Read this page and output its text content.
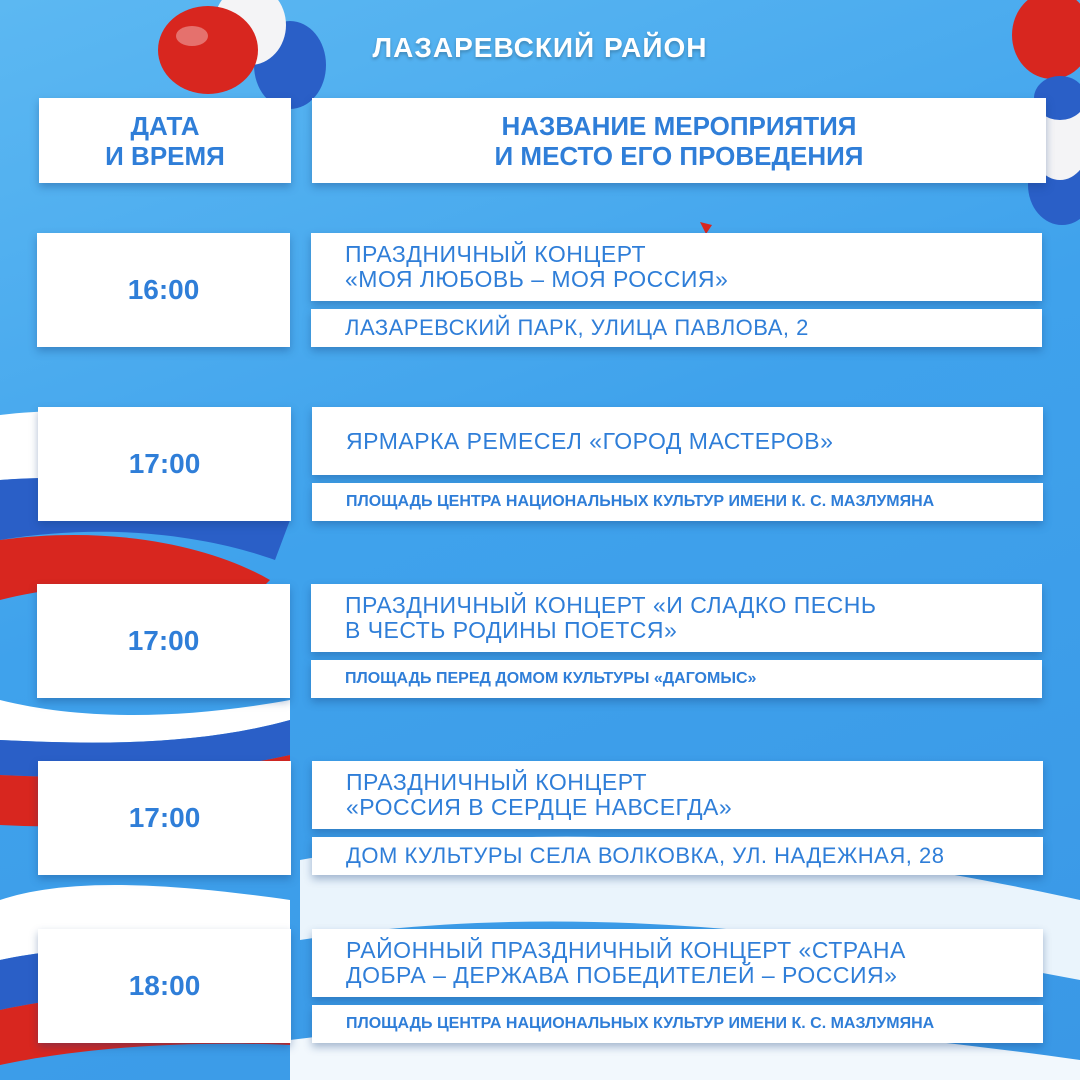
ЛАЗАРЕВСКИЙ РАЙОН
ДАТА
И ВРЕМЯ
НАЗВАНИЕ МЕРОПРИЯТИЯ
И МЕСТО ЕГО ПРОВЕДЕНИЯ
16:00
ПРАЗДНИЧНЫЙ КОНЦЕРТ
«МОЯ ЛЮБОВЬ – МОЯ РОССИЯ»
ЛАЗАРЕВСКИЙ ПАРК, УЛИЦА ПАВЛОВА, 2
17:00
ЯРМАРКА РЕМЕСЕЛ «ГОРОД МАСТЕРОВ»
ПЛОЩАДЬ ЦЕНТРА НАЦИОНАЛЬНЫХ КУЛЬТУР ИМЕНИ К. С. МАЗЛУМЯНА
17:00
ПРАЗДНИЧНЫЙ КОНЦЕРТ «И СЛАДКО ПЕСНЬ
В ЧЕСТЬ РОДИНЫ ПОЕТСЯ»
ПЛОЩАДЬ ПЕРЕД ДОМОМ КУЛЬТУРЫ «ДАГОМЫС»
17:00
ПРАЗДНИЧНЫЙ КОНЦЕРТ
«РОССИЯ В СЕРДЦЕ НАВСЕГДА»
ДОМ КУЛЬТУРЫ СЕЛА ВОЛКОВКА, УЛ. НАДЕЖНАЯ, 28
18:00
РАЙОННЫЙ ПРАЗДНИЧНЫЙ КОНЦЕРТ «СТРАНА
ДОБРА – ДЕРЖАВА ПОБЕДИТЕЛЕЙ – РОССИЯ»
ПЛОЩАДЬ ЦЕНТРА НАЦИОНАЛЬНЫХ КУЛЬТУР ИМЕНИ К. С. МАЗЛУМЯНА
